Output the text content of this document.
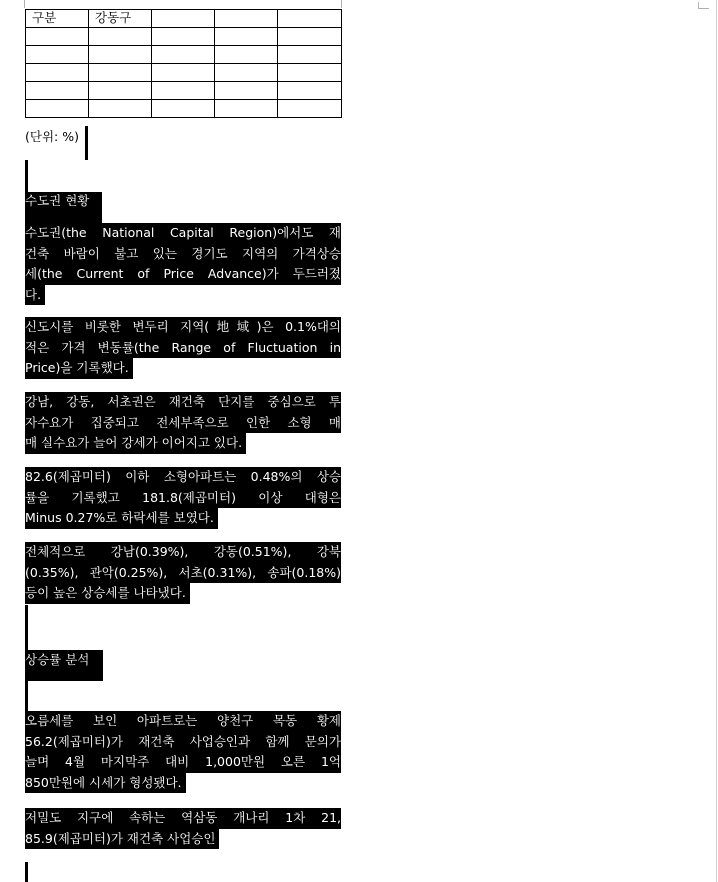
구분	강동구			

(단위: %)
수도권 현황
수도권(the National Capital Region)에서도 재
건축 바람이 불고 있는 경기도 지역의 가격상승
세(the Current of Price Advance)가 두드러졌
다.
신도시를 비롯한 변두리 지역(地域)은 0.1%대의
적은 가격 변동률(the Range of Fluctuation in
Price)을 기록했다.
강남, 강동, 서초권은 재건축 단지를 중심으로 투
자수요가 집중되고 전세부족으로 인한 소형 매
매 실수요가 늘어 강세가 이어지고 있다.
82.6(제곱미터) 이하 소형아파트는 0.48%의 상승
률을 기록했고 181.8(제곱미터) 이상 대형은
Minus 0.27%로 하락세를 보였다.
전체적으로 강남(0.39%), 강동(0.51%), 강북
(0.35%), 관악(0.25%), 서초(0.31%), 송파(0.18%)
등이 높은 상승세를 나타냈다.
상승률 분석
오름세를 보인 아파트로는 양천구 목동 황제
56.2(제곱미터)가 재건축 사업승인과 함께 문의가
늘며 4월 마지막주 대비 1,000만원 오른 1억
850만원에 시세가 형성됐다.
저밀도 지구에 속하는 역삼동 개나리 1차 21,
85.9(제곱미터)가 재건축 사업승인
